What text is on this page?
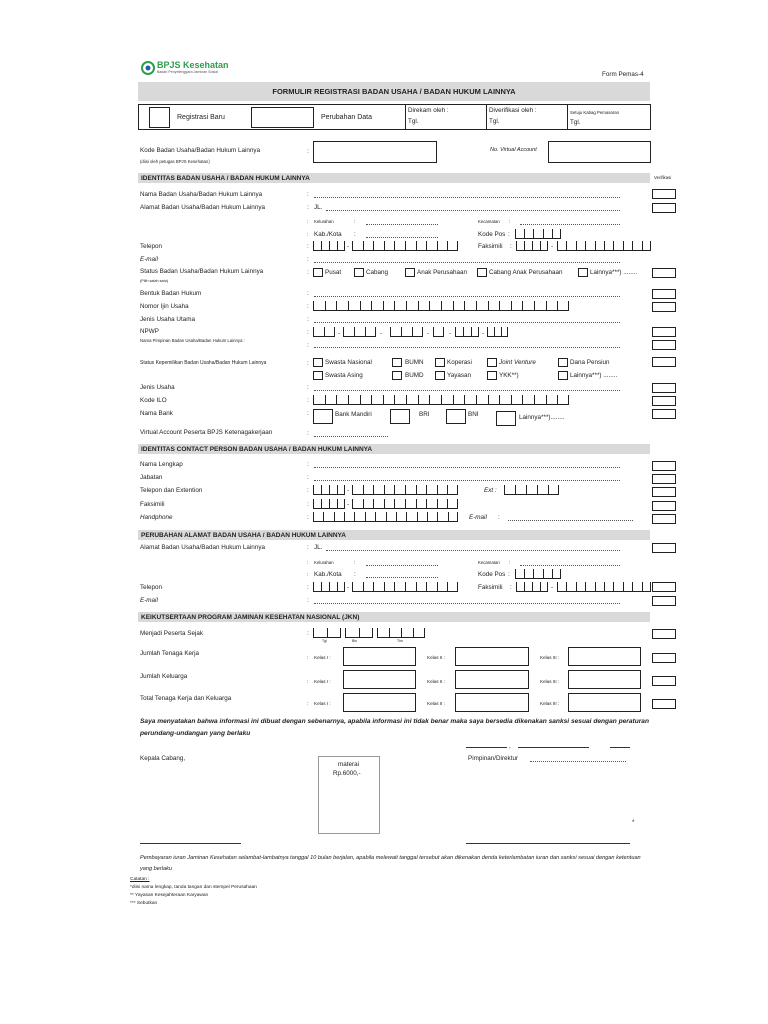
BPJS Kesehatan
Badan Penyelenggara Jaminan Sosial	Form Pemas-4
FORMULIR REGISTRASI BADAN USAHA / BADAN HUKUM LAINNYA
Registrasi Baru	Perubahan Data
Direkam oleh :
Tgl.
Diverifikasi oleh :
Tgl.
Setuju Kabag Pemasaran
Tgl.
Kode Badan Usaha/Badan Hukum Lainnya
(diisi oleh petugas BPJS Kesehatan)
:	No. Virtual Account
IDENTITAS BADAN USAHA / BADAN HUKUM LAINNYA	Verifikasi
Nama Badan Usaha/Badan Hukum Lainnya	:
Alamat Badan Usaha/Badan Hukum Lainnya	: JL.
: Kelurahan	:	Kecamatan :
: Kab./Kota :	Kode Pos :
Telepon	:	-	Faksimili :	-
E-mail	:
Status Badan Usaha/Badan Hukum Lainnya
(Pilih salah satu)
:	Pusat	Cabang	Anak Perusahaan	Cabang Anak Perusahaan	Lainnya***) ........
Bentuk Badan Hukum	:
Nomor Ijin Usaha	:
Jenis Usaha Utama	:
NPWP
Nama Pimpinan Badan Usaha/Badan Hukum Lainnya :
:	-	-	-	-	-
:
Status Kepemilikan Badan Usaha/Badan Hukum Lainnya	:	Swasta Nasional	BUMN	Koperasi	Joint Venture	Dana Pensiun
Swasta Asing	BUMD	Yayasan	YKK**)	Lainnya***) ........
Jenis Usaha	:
Kode ILO	:
Nama Bank	:	Bank Mandiri	BRI	BNI	Lainnya***)........
Virtual Account Peserta BPJS Ketenagakerjaan	:
IDENTITAS CONTACT PERSON BADAN USAHA / BADAN HUKUM LAINNYA
Nama Lengkap	:
Jabatan	:
Telepon dan Extention	:	-	Ext :
Faksimili	:	-
Handphone	:	E-mail :
PERUBAHAN ALAMAT BADAN USAHA / BADAN HUKUM LAINNYA
Alamat Badan Usaha/Badan Hukum Lainnya	: JL.
: Kelurahan	:	Kecamatan :
: Kab./Kota :	Kode Pos :
Telepon	:	-	Faksimili :	-
E-mail	:
KEIKUTSERTAAN PROGRAM JAMINAN KESEHATAN NASIONAL (JKN)
Menjadi Peserta Sejak	:
Tgl	Bln	Thn
Jumlah Tenaga Kerja
: Kelas I :	Kelas II :	Kelas III :
Jumlah Keluarga
: Kelas I :	Kelas II :	Kelas III :
Total Tenaga Kerja dan Keluarga
: Kelas I :	Kelas II :	Kelas III :
Saya menyatakan bahwa informasi ini dibuat dengan sebenarnya, apabila informasi ini tidak benar maka saya bersedia dikenakan sanksi sesuai dengan peraturan perundang-undangan yang berlaku
,
Kepala Cabang,
materai
Rp.6000,-
Pimpinan/Direktur
*
Pembayaran iuran Jaminan Kesehatan selambat-lambatnya tanggal 10 bulan berjalan, apabila melewati tanggal tersebut akan dikenakan denda keterlambatan iuran dan sanksi sesuai dengan ketentuan yang berlaku
Catatan :
*diisi nama lengkap, tanda tangan dan stempel Perusahaan
** Yayasan Kesejahteraan Karyawan
*** Sebutkan
